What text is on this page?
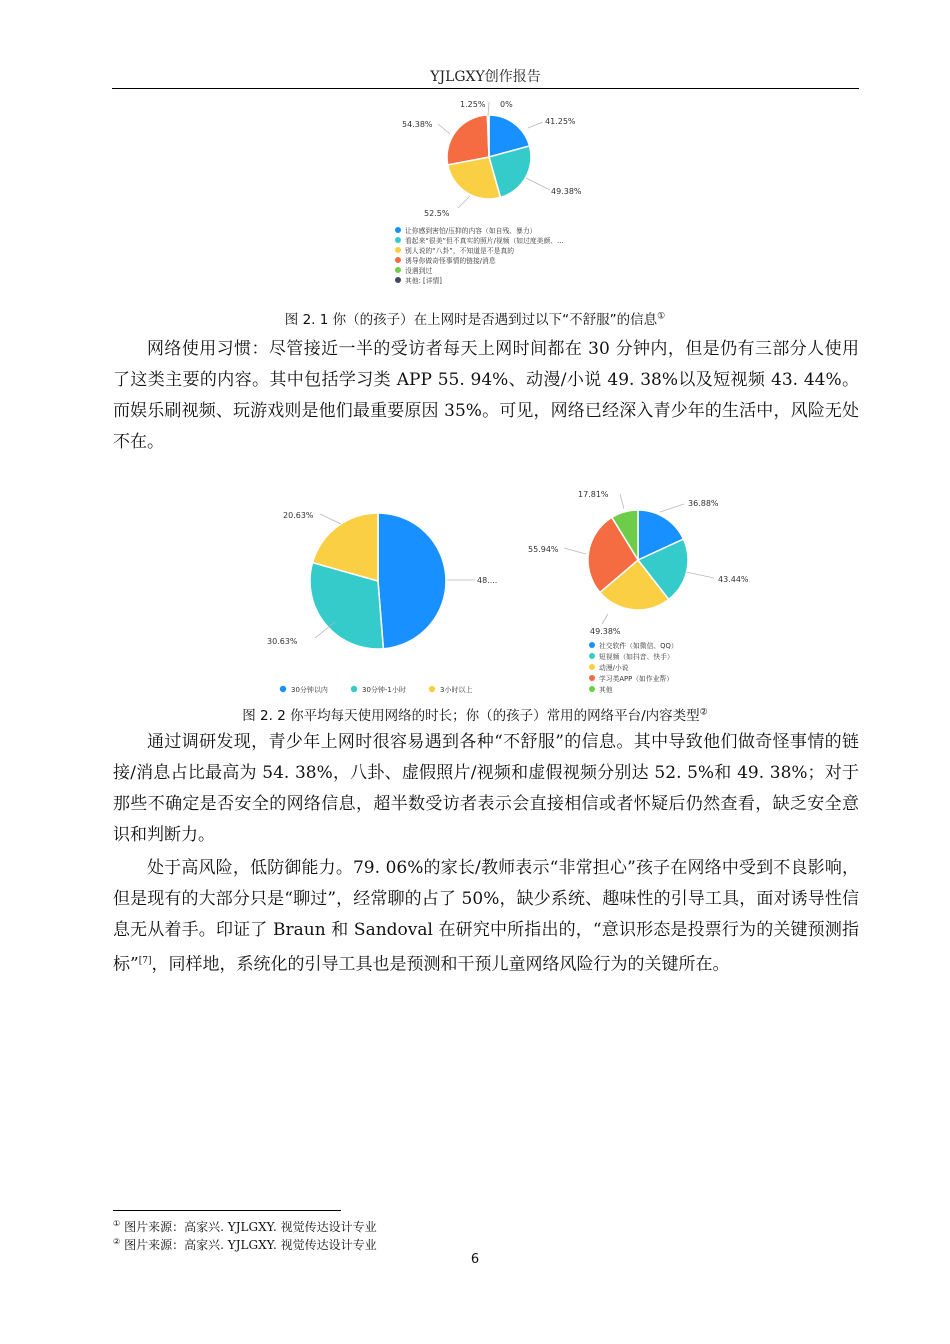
YJLGXY创作报告
1.25% 0%
41.25%
54.38%
49.38%
52.5%
让你感到害怕/压抑的内容（如自残、暴力）
看起来“很美”但不真实的照片/视频（如过度美颜、...
别人说的“八卦”，不知道是不是真的
诱导你做奇怪事情的链接/消息
没遇到过
其他: [详情]
图 2. 1 你（的孩子）在上网时是否遇到过以下“不舒服”的信息①

网络使用习惯：尽管接近一半的受访者每天上网时间都在 30 分钟内，但是仍有三部分人使用了这类主要的内容。其中包括学习类 APP 55. 94%、动漫/小说 49. 38%以及短视频 43. 44%。而娱乐刷视频、玩游戏则是他们最重要原因 35%。可见，网络已经深入青少年的生活中，风险无处不在。

20.63%
30.63%
48....
30分钟以内	30分钟-1小时	3小时以上
17.81%
36.88%
55.94%
43.44%
49.38%
社交软件（如微信、QQ）
短视频（如抖音、快手）
动漫/小说
学习类APP（如作业帮）
其他
图 2. 2 你平均每天使用网络的时长；你（的孩子）常用的网络平台/内容类型②

通过调研发现，青少年上网时很容易遇到各种“不舒服”的信息。其中导致他们做奇怪事情的链接/消息占比最高为 54. 38%，八卦、虚假照片/视频和虚假视频分别达 52. 5%和 49. 38%；对于那些不确定是否安全的网络信息，超半数受访者表示会直接相信或者怀疑后仍然查看，缺乏安全意识和判断力。

处于高风险，低防御能力。79. 06%的家长/教师表示“非常担心”孩子在网络中受到不良影响，但是现有的大部分只是“聊过”，经常聊的占了 50%，缺少系统、趣味性的引导工具，面对诱导性信息无从着手。印证了 Braun 和 Sandoval 在研究中所指出的，“意识形态是投票行为的关键预测指标”[7]，同样地，系统化的引导工具也是预测和干预儿童网络风险行为的关键所在。

① 图片来源：高家兴. YJLGXY. 视觉传达设计专业
② 图片来源：高家兴. YJLGXY. 视觉传达设计专业
6
